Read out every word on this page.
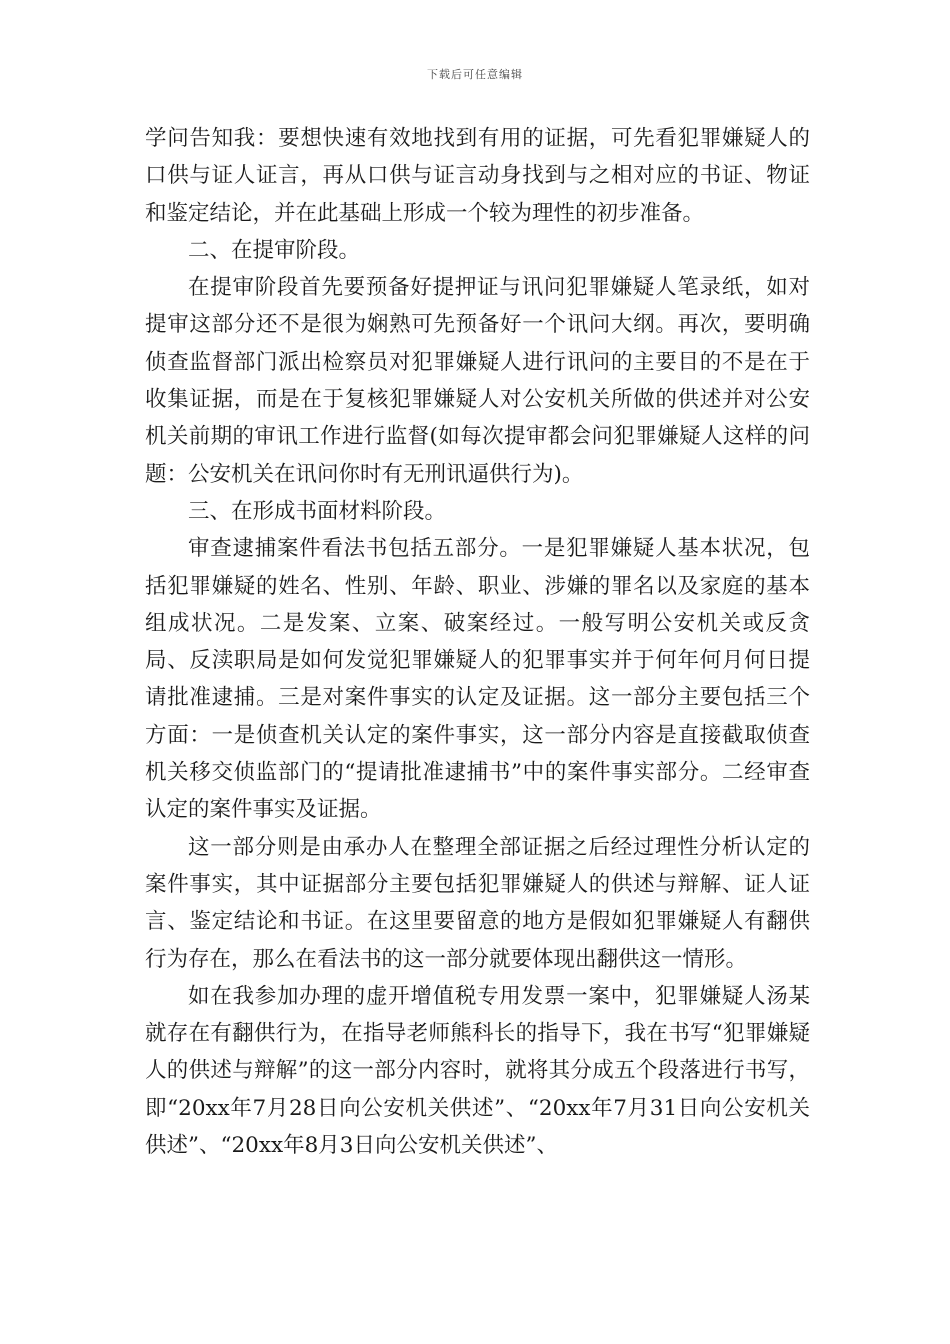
下载后可任意编辑

学问告知我：要想快速有效地找到有用的证据，可先看犯罪嫌疑人的口供与证人证言，再从口供与证言动身找到与之相对应的书证、物证和鉴定结论，并在此基础上形成一个较为理性的初步准备。

二、在提审阶段。

在提审阶段首先要预备好提押证与讯问犯罪嫌疑人笔录纸，如对提审这部分还不是很为娴熟可先预备好一个讯问大纲。再次，要明确侦查监督部门派出检察员对犯罪嫌疑人进行讯问的主要目的不是在于收集证据，而是在于复核犯罪嫌疑人对公安机关所做的供述并对公安机关前期的审讯工作进行监督(如每次提审都会问犯罪嫌疑人这样的问题：公安机关在讯问你时有无刑讯逼供行为)。

三、在形成书面材料阶段。

审查逮捕案件看法书包括五部分。一是犯罪嫌疑人基本状况，包括犯罪嫌疑的姓名、性别、年龄、职业、涉嫌的罪名以及家庭的基本组成状况。二是发案、立案、破案经过。一般写明公安机关或反贪局、反渎职局是如何发觉犯罪嫌疑人的犯罪事实并于何年何月何日提请批准逮捕。三是对案件事实的认定及证据。这一部分主要包括三个方面：一是侦查机关认定的案件事实，这一部分内容是直接截取侦查机关移交侦监部门的“提请批准逮捕书”中的案件事实部分。二经审查认定的案件事实及证据。

这一部分则是由承办人在整理全部证据之后经过理性分析认定的案件事实，其中证据部分主要包括犯罪嫌疑人的供述与辩解、证人证言、鉴定结论和书证。在这里要留意的地方是假如犯罪嫌疑人有翻供行为存在，那么在看法书的这一部分就要体现出翻供这一情形。

如在我参加办理的虚开增值税专用发票一案中，犯罪嫌疑人汤某就存在有翻供行为，在指导老师熊科长的指导下，我在书写“犯罪嫌疑人的供述与辩解”的这一部分内容时，就将其分成五个段落进行书写，即“20xx年7月28日向公安机关供述”、“20xx年7月31日向公安机关供述”、“20xx年8月3日向公安机关供述”、
